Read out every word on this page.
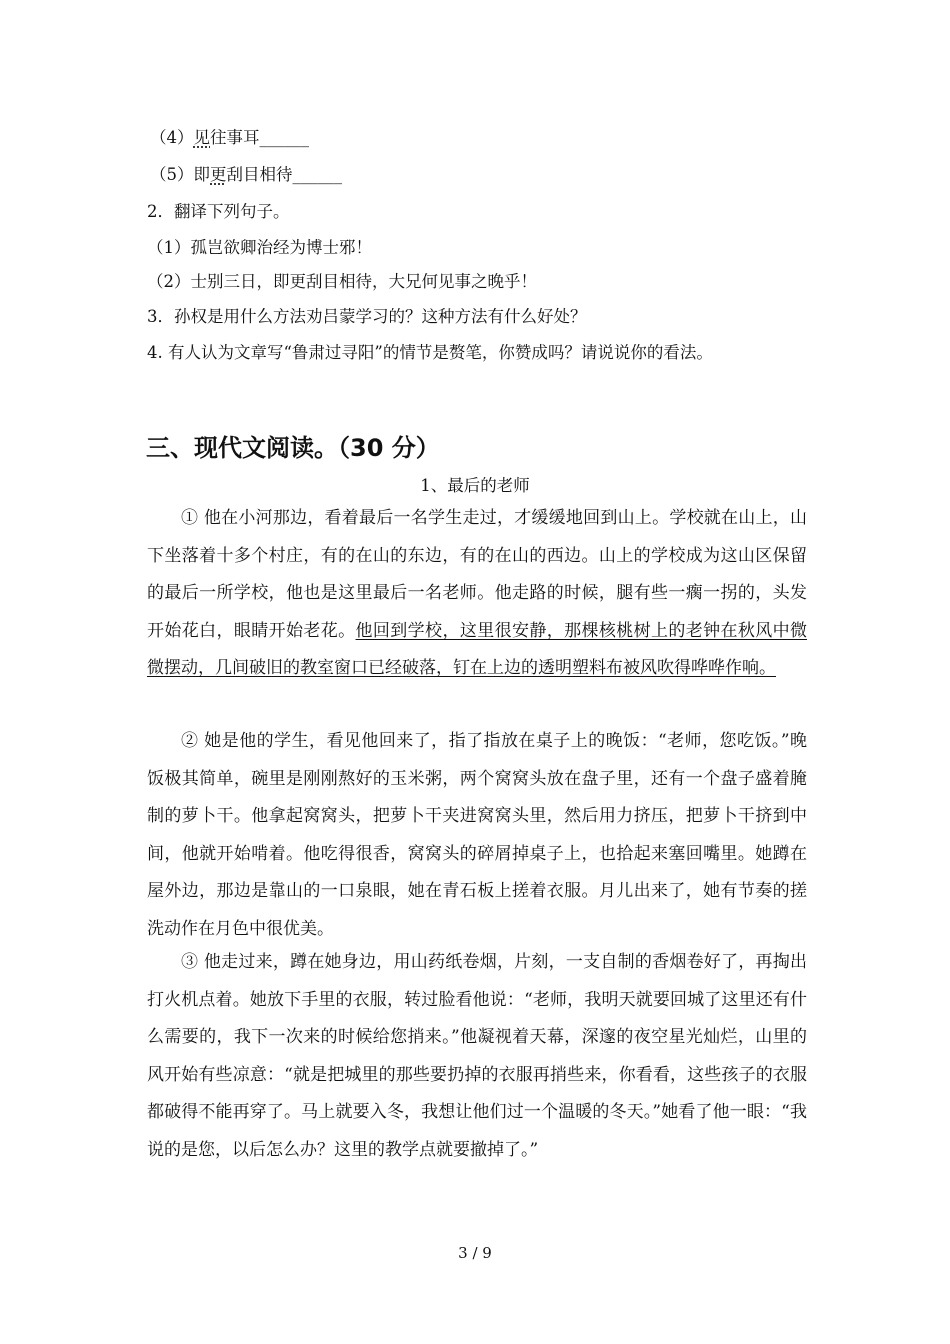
（4）见往事耳______
（5）即更刮目相待______
2．翻译下列句子。
（1）孤岂欲卿治经为博士邪！
（2）士别三日，即更刮目相待，大兄何见事之晚乎！
3．孙权是用什么方法劝吕蒙学习的？这种方法有什么好处？
4. 有人认为文章写“鲁肃过寻阳”的情节是赘笔，你赞成吗？请说说你的看法。
三、现代文阅读。（30 分）
1、最后的老师
① 他在小河那边，看着最后一名学生走过，才缓缓地回到山上。学校就在山上，山下坐落着十多个村庄，有的在山的东边，有的在山的西边。山上的学校成为这山区保留的最后一所学校，他也是这里最后一名老师。他走路的时候，腿有些一瘸一拐的，头发开始花白，眼睛开始老花。他回到学校，这里很安静，那棵核桃树上的老钟在秋风中微微摆动，几间破旧的教室窗口已经破落，钉在上边的透明塑料布被风吹得哗哗作响。
② 她是他的学生，看见他回来了，指了指放在桌子上的晚饭：“老师，您吃饭。”晚饭极其简单，碗里是刚刚熬好的玉米粥，两个窝窝头放在盘子里，还有一个盘子盛着腌制的萝卜干。他拿起窝窝头，把萝卜干夹进窝窝头里，然后用力挤压，把萝卜干挤到中间，他就开始啃着。他吃得很香，窝窝头的碎屑掉桌子上，也拾起来塞回嘴里。她蹲在屋外边，那边是靠山的一口泉眼，她在青石板上搓着衣服。月儿出来了，她有节奏的搓洗动作在月色中很优美。
③ 他走过来，蹲在她身边，用山药纸卷烟，片刻，一支自制的香烟卷好了，再掏出打火机点着。她放下手里的衣服，转过脸看他说：“老师，我明天就要回城了这里还有什么需要的，我下一次来的时候给您捎来。”他凝视着天幕，深邃的夜空星光灿烂，山里的风开始有些凉意：“就是把城里的那些要扔掉的衣服再捎些来，你看看，这些孩子的衣服都破得不能再穿了。马上就要入冬，我想让他们过一个温暖的冬天。”她看了他一眼：“我说的是您，以后怎么办？这里的教学点就要撤掉了。”
3 / 9
